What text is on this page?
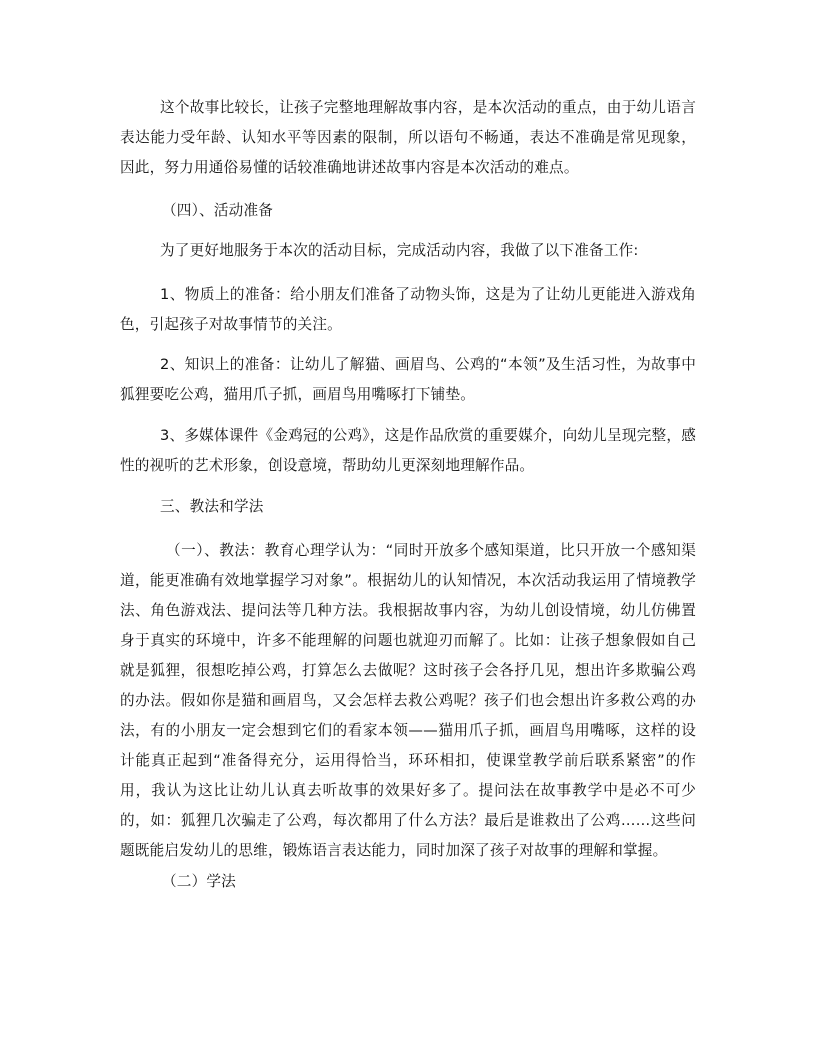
这个故事比较长，让孩子完整地理解故事内容，是本次活动的重点，由于幼儿语言表达能力受年龄、认知水平等因素的限制，所以语句不畅通，表达不准确是常见现象，因此，努力用通俗易懂的话较准确地讲述故事内容是本次活动的难点。

（四）、活动准备

为了更好地服务于本次的活动目标，完成活动内容，我做了以下准备工作:

1、物质上的准备：给小朋友们准备了动物头饰，这是为了让幼儿更能进入游戏角色，引起孩子对故事情节的关注。

2、知识上的准备：让幼儿了解猫、画眉鸟、公鸡的“本领”及生活习性，为故事中狐狸要吃公鸡，猫用爪子抓，画眉鸟用嘴啄打下铺垫。

3、多媒体课件《金鸡冠的公鸡》，这是作品欣赏的重要媒介，向幼儿呈现完整，感性的视听的艺术形象，创设意境，帮助幼儿更深刻地理解作品。

三、教法和学法

（一）、教法：教育心理学认为：“同时开放多个感知渠道，比只开放一个感知渠道，能更准确有效地掌握学习对象”。根据幼儿的认知情况，本次活动我运用了情境教学法、角色游戏法、提问法等几种方法。我根据故事内容，为幼儿创设情境，幼儿仿佛置身于真实的环境中，许多不能理解的问题也就迎刃而解了。比如：让孩子想象假如自己就是狐狸，很想吃掉公鸡，打算怎么去做呢？这时孩子会各抒几见，想出许多欺骗公鸡的办法。假如你是猫和画眉鸟，又会怎样去救公鸡呢？孩子们也会想出许多救公鸡的办法，有的小朋友一定会想到它们的看家本领——猫用爪子抓，画眉鸟用嘴啄，这样的设计能真正起到“准备得充分，运用得恰当，环环相扣，使课堂教学前后联系紧密”的作用，我认为这比让幼儿认真去听故事的效果好多了。提问法在故事教学中是必不可少的，如：狐狸几次骗走了公鸡，每次都用了什么方法？最后是谁救出了公鸡……这些问题既能启发幼儿的思维，锻炼语言表达能力，同时加深了孩子对故事的理解和掌握。

（二）学法
